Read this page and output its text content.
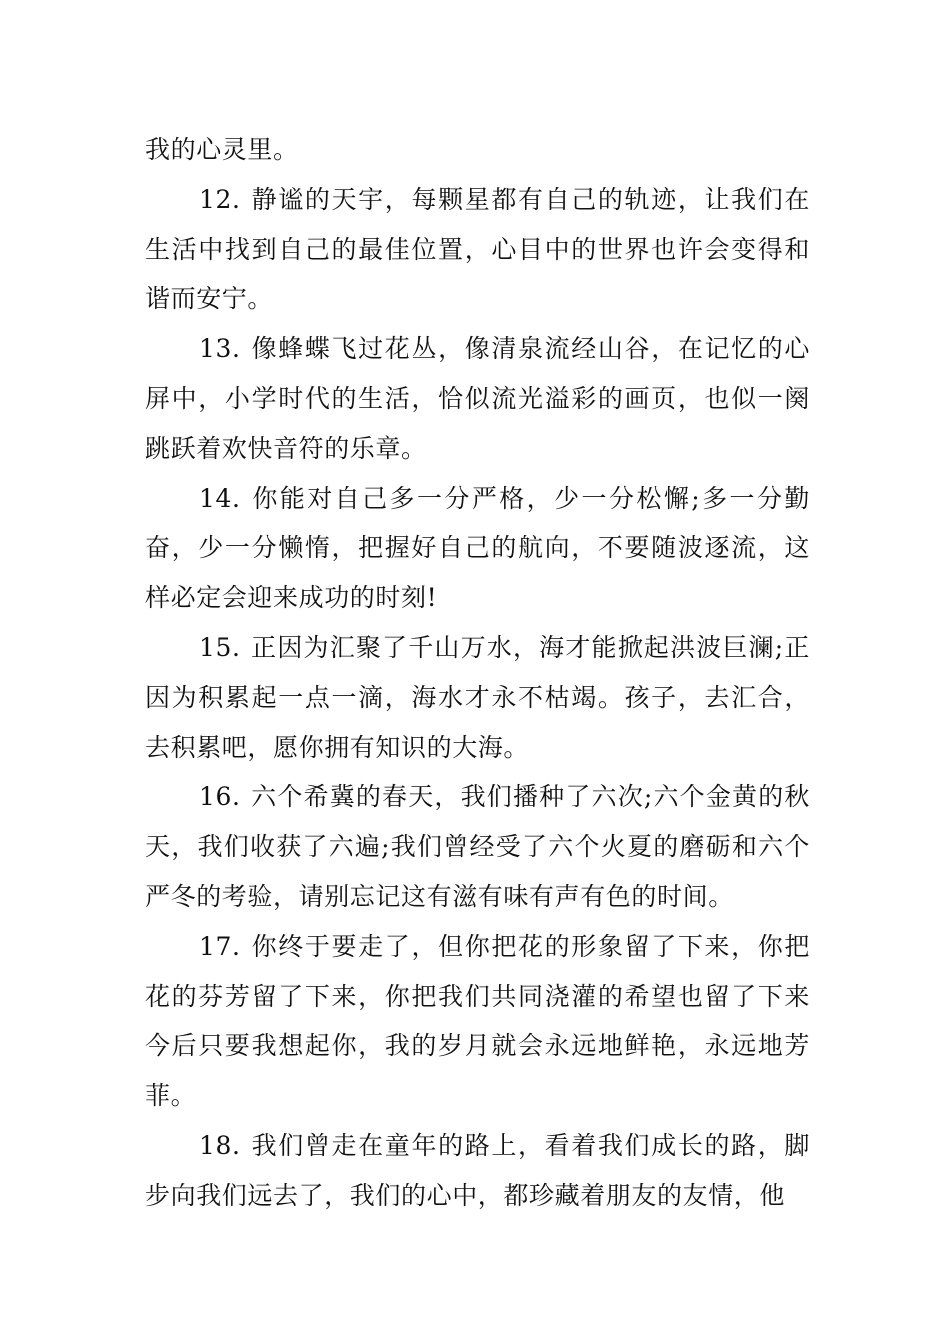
我的心灵里。

12. 静谧的天宇，每颗星都有自己的轨迹，让我们在生活中找到自己的最佳位置，心目中的世界也许会变得和谐而安宁。

13. 像蜂蝶飞过花丛，像清泉流经山谷，在记忆的心屏中，小学时代的生活，恰似流光溢彩的画页，也似一阕跳跃着欢快音符的乐章。

14. 你能对自己多一分严格，少一分松懈;多一分勤奋，少一分懒惰，把握好自己的航向，不要随波逐流，这样必定会迎来成功的时刻!

15. 正因为汇聚了千山万水，海才能掀起洪波巨澜;正因为积累起一点一滴，海水才永不枯竭。孩子，去汇合，去积累吧，愿你拥有知识的大海。

16. 六个希冀的春天，我们播种了六次;六个金黄的秋天，我们收获了六遍;我们曾经受了六个火夏的磨砺和六个严冬的考验，请别忘记这有滋有味有声有色的时间。

17. 你终于要走了，但你把花的形象留了下来，你把花的芬芳留了下来，你把我们共同浇灌的希望也留了下来今后只要我想起你，我的岁月就会永远地鲜艳，永远地芳菲。

18. 我们曾走在童年的路上，看着我们成长的路，脚步向我们远去了，我们的心中，都珍藏着朋友的友情，他
